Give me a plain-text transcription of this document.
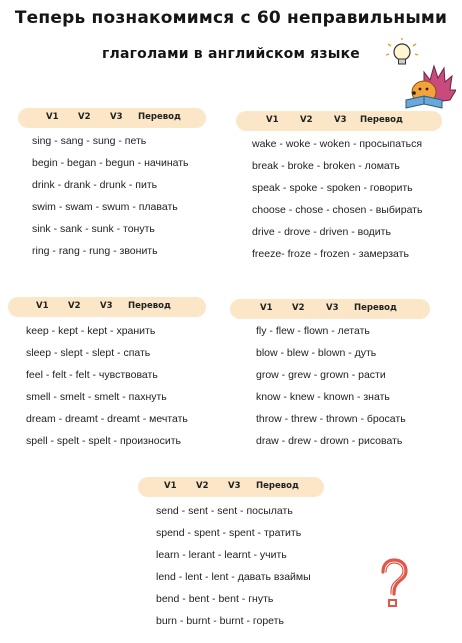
Теперь познакомимся с 60 неправильными
глаголами в английском языке
V1 V2 V3 Перевод
sing - sang - sung - петь
begin - began - begun - начинать
drink - drank - drunk - пить
swim - swam - swum - плавать
sink - sank - sunk - тонуть
ring - rang - rung - звонить
V1	V2	V3 Перевод
wake - woke - woken - просыпаться
break - broke - broken - ломать
speak - spoke - spoken - говорить
choose - chose - chosen - выбирать
drive - drove - driven - водить
freeze- froze - frozen - замерзать
V1 V2 V3 Перевод
keep - kept - kept - хранить
sleep - slept - slept - спать
feel - felt - felt - чувствовать
smell - smelt - smelt - пахнуть
dream - dreamt - dreamt - мечтать
spell - spelt - spelt - произносить
V1 V2	V3 Перевод
fly - flew - flown - летать
blow - blew - blown - дуть
grow - grew - grown - расти
know - knew - known - знать
throw - threw - thrown - бросать
draw - drew - drown - рисовать
V1 V2 V3 Перевод
send - sent - sent - посылать
spend - spent - spent - тратить
learn - lerant - learnt - учить
lend - lent - lent - давать взаймы
bend - bent - bent - гнуть
burn - burnt - burnt - гореть
